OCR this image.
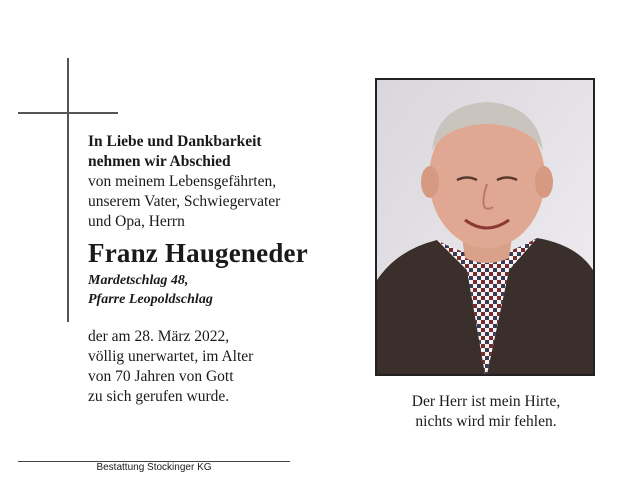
In Liebe und Dankbarkeit
nehmen wir Abschied
von meinem Lebensgefährten,
unserem Vater, Schwiegervater
und Opa, Herrn
Franz Haugeneder
Mardetschlag 48,
Pfarre Leopoldschlag
der am 28. März 2022,
völlig unerwartet, im Alter
von 70 Jahren von Gott
zu sich gerufen wurde.	Der Herr ist mein Hirte,
nichts wird mir fehlen.
Bestattung Stockinger KG
